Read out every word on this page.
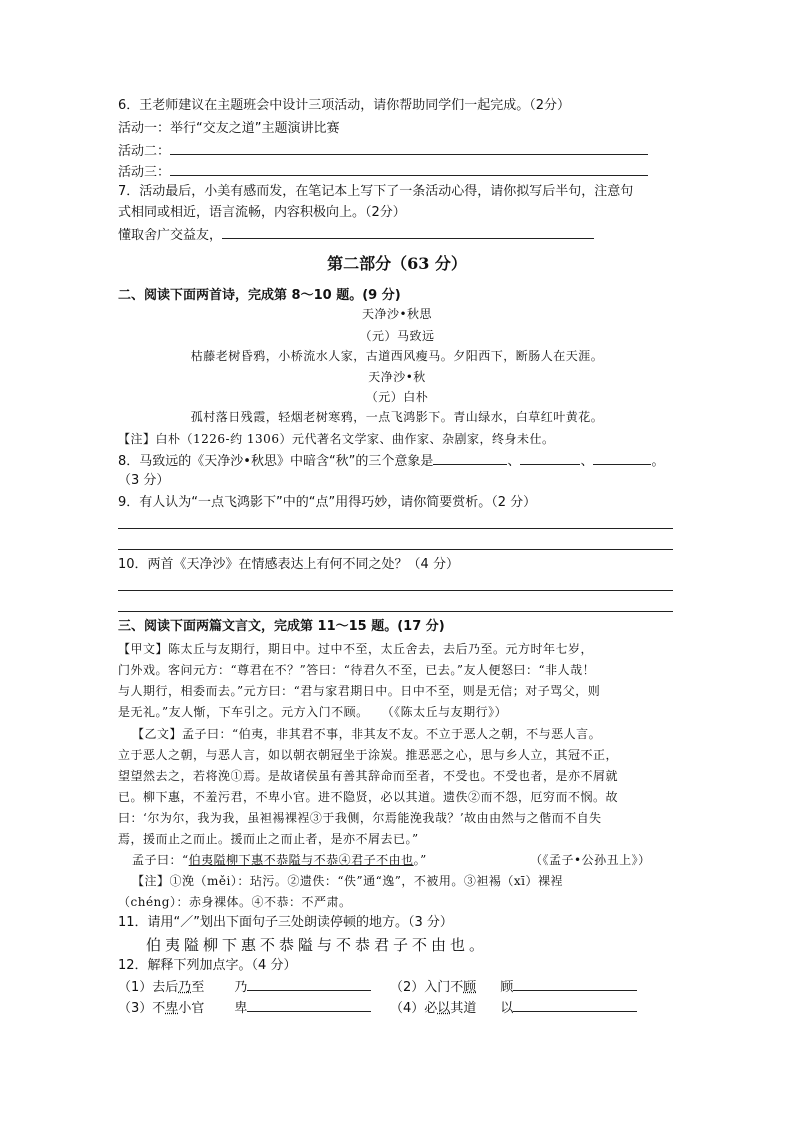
6．王老师建议在主题班会中设计三项活动，请你帮助同学们一起完成。（2分）
活动一：举行“交友之道”主题演讲比赛
活动二：
活动三：
7．活动最后，小美有感而发，在笔记本上写下了一条活动心得，请你拟写后半句，注意句
式相同或相近，语言流畅，内容积极向上。（2分）
懂取舍广交益友，
第二部分（63 分）
二、阅读下面两首诗，完成第 8～10 题。(9 分)
天净沙•秋思
（元）马致远
枯藤老树昏鸦，小桥流水人家，古道西风瘦马。夕阳西下，断肠人在天涯。
天净沙•秋
（元）白朴
孤村落日残霞，轻烟老树寒鸦，一点飞鸿影下。青山绿水，白草红叶黄花。
【注】白朴（1226-约 1306）元代著名文学家、曲作家、杂剧家，终身未仕。
8．马致远的《天净沙•秋思》中暗含“秋”的三个意象是	、	、	。
（3 分）
9．有人认为“一点飞鸿影下”中的“点”用得巧妙，请你简要赏析。（2 分）
10．两首《天净沙》在情感表达上有何不同之处？（4 分）
三、阅读下面两篇文言文，完成第 11～15 题。(17 分)
【甲文】陈太丘与友期行，期日中。过中不至，太丘舍去，去后乃至。元方时年七岁，
门外戏。客问元方：“尊君在不？”答曰：“待君久不至，已去。”友人便怒曰：“非人哉！
与人期行，相委而去。”元方曰：“君与家君期日中。日中不至，则是无信；对子骂父，则
是无礼。”友人惭，下车引之。元方入门不顾。　　（《陈太丘与友期行》）
【乙文】孟子曰：“伯夷，非其君不事，非其友不友。不立于恶人之朝，不与恶人言。
立于恶人之朝，与恶人言，如以朝衣朝冠坐于涂炭。推恶恶之心，思与乡人立，其冠不正，
望望然去之，若将浼①焉。是故诸侯虽有善其辞命而至者，不受也。不受也者，是亦不屑就
已。柳下惠，不羞污君，不卑小官。进不隐贤，必以其道。遗佚②而不怨，厄穷而不悯。故
曰：‘尔为尔，我为我，虽袒裼裸裎③于我侧，尔焉能浼我哉？’故由由然与之偕而不自失
焉，援而止之而止。援而止之而止者，是亦不屑去已。”
孟子曰：“伯夷隘柳下惠不恭隘与不恭④君子不由也。”	（《孟子•公孙丑上》）
【注】①浼（měi）：玷污。②遗佚：“佚”通“逸”，不被用。③袒裼（xī）裸裎
（chéng）：赤身裸体。④不恭：不严肃。
11．请用“／”划出下面句子三处朗读停顿的地方。（3 分）
伯夷隘柳下惠不恭隘与不恭君子不由也。
12．解释下列加点字。（4 分）
（1）去后乃至 乃	（2）入门不顾 顾
（3）不卑小官 卑	（4）必以其道 以
